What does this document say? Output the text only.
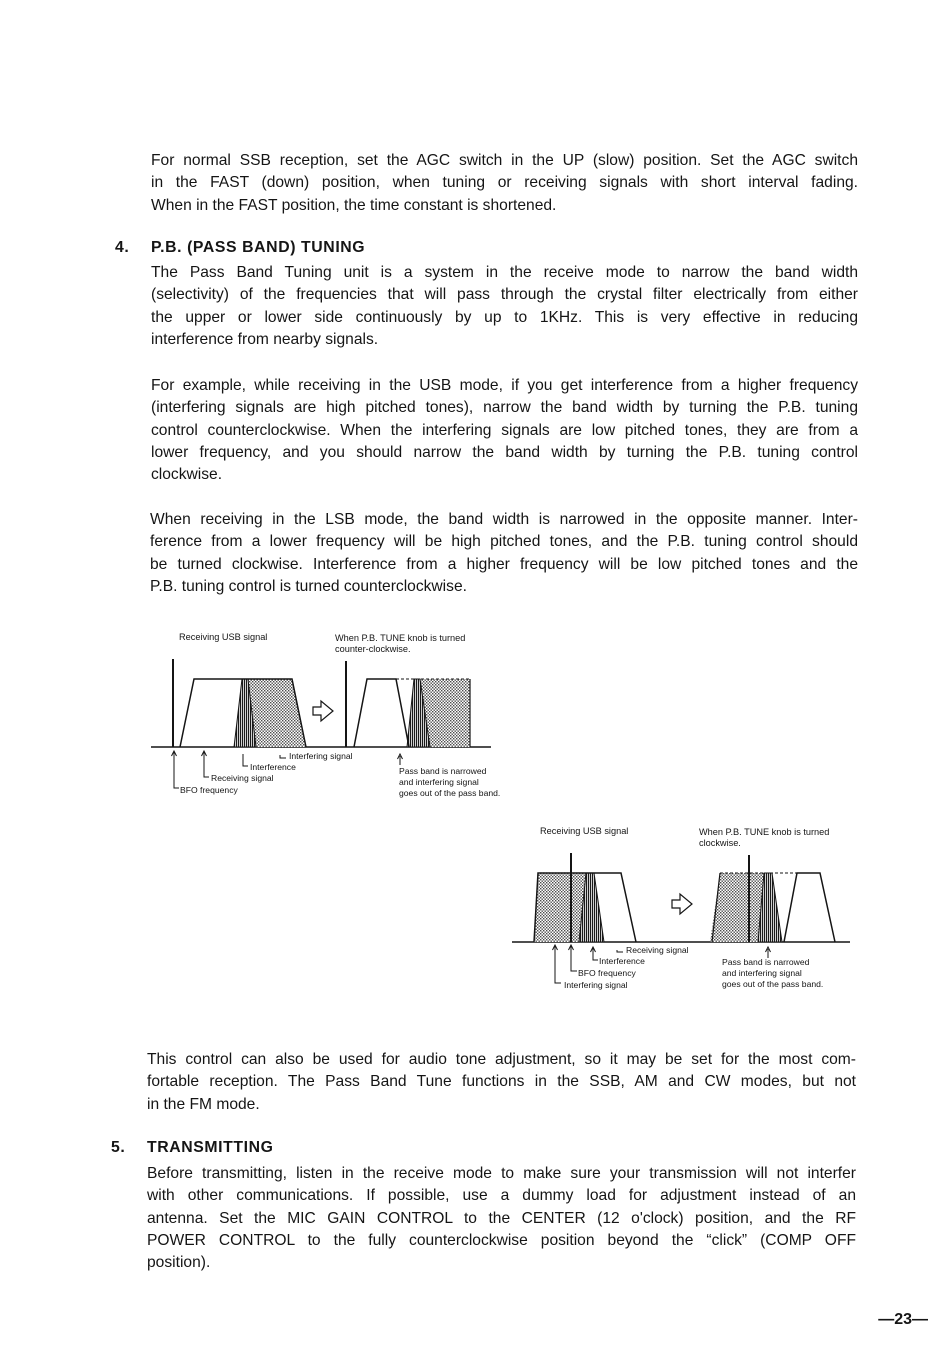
For normal SSB reception, set the AGC switch in the UP (slow) position. Set the AGC switch
in the FAST (down) position, when tuning or receiving signals with short interval fading.
When in the FAST position, the time constant is shortened.
4. P.B. (PASS BAND) TUNING
The Pass Band Tuning unit is a system in the receive mode to narrow the band width
(selectivity) of the frequencies that will pass through the crystal filter electrically from either
the upper or lower side continuously by up to 1KHz. This is very effective in reducing
interference from nearby signals.
For example, while receiving in the USB mode, if you get interference from a higher frequency
(interfering signals are high pitched tones), narrow the band width by turning the P.B. tuning
control counterclockwise. When the interfering signals are low pitched tones, they are from a
lower frequency, and you should narrow the band width by turning the P.B. tuning control
clockwise.
When receiving in the LSB mode, the band width is narrowed in the opposite manner. Inter-
ference from a lower frequency will be high pitched tones, and the P.B. tuning control should
be turned clockwise. Interference from a higher frequency will be low pitched tones and the
P.B. tuning control is turned counterclockwise.
Receiving USB signal	When P.B. TUNE knob is turned
counter-clockwise.
Interfering signal
Interference
Receiving signal
BFO frequency
Pass band is narrowed
and interfering signal
goes out of the pass band.
Receiving USB signal	When P.B. TUNE knob is turned
clockwise.
Receiving signal
Interference
BFO frequency
Interfering signal
Pass band is narrowed
and interfering signal
goes out of the pass band.
This control can also be used for audio tone adjustment, so it may be set for the most com-
fortable reception. The Pass Band Tune functions in the SSB, AM and CW modes, but not
in the FM mode.
5. TRANSMITTING
Before transmitting, listen in the receive mode to make sure your transmission will not interfer
with other communications. If possible, use a dummy load for adjustment instead of an
antenna. Set the MIC GAIN CONTROL to the CENTER (12 o'clock) position, and the RF
POWER CONTROL to the fully counterclockwise position beyond the “click” (COMP OFF
position).
—23—
